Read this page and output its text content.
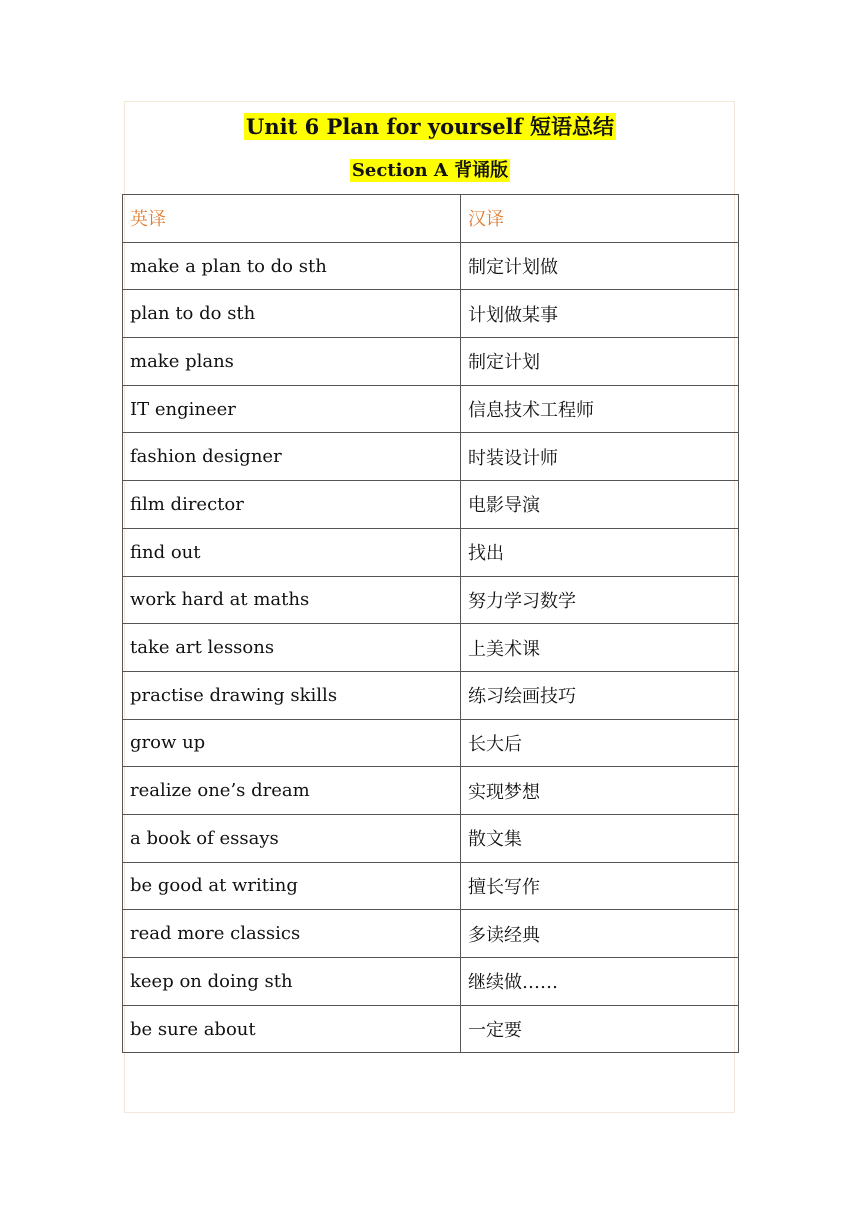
Unit 6 Plan for yourself 短语总结
Section A 背诵版
英译	汉译
make a plan to do sth	制定计划做
plan to do sth	计划做某事
make plans	制定计划
IT engineer	信息技术工程师
fashion designer	时装设计师
film director	电影导演
find out	找出
work hard at maths	努力学习数学
take art lessons	上美术课
practise drawing skills	练习绘画技巧
grow up	长大后
realize one’s dream	实现梦想
a book of essays	散文集
be good at writing	擅长写作
read more classics	多读经典
keep on doing sth	继续做……
be sure about	一定要
